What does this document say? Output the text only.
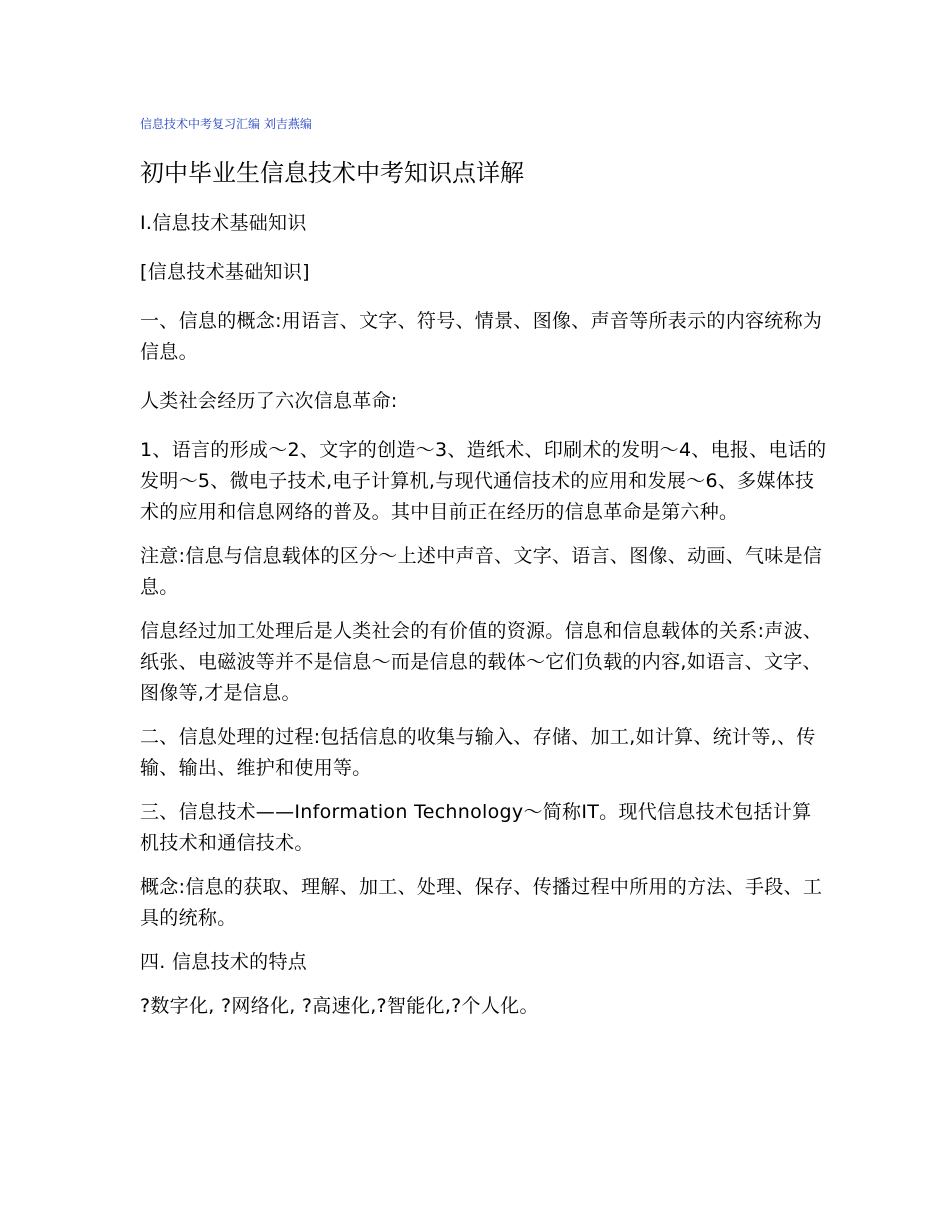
信息技术中考复习汇编 刘吉燕编

初中毕业生信息技术中考知识点详解

I.信息技术基础知识

[信息技术基础知识]

一、信息的概念:用语言、文字、符号、情景、图像、声音等所表示的内容统称为信息。

人类社会经历了六次信息革命:

1、语言的形成～2、文字的创造～3、造纸术、印刷术的发明～4、电报、电话的发明～5、微电子技术,电子计算机,与现代通信技术的应用和发展～6、多媒体技术的应用和信息网络的普及。其中目前正在经历的信息革命是第六种。

注意:信息与信息载体的区分～上述中声音、文字、语言、图像、动画、气味是信息。

信息经过加工处理后是人类社会的有价值的资源。信息和信息载体的关系:声波、纸张、电磁波等并不是信息～而是信息的载体～它们负载的内容,如语言、文字、图像等,才是信息。

二、信息处理的过程:包括信息的收集与输入、存储、加工,如计算、统计等,、传输、输出、维护和使用等。

三、信息技术——Information Technology～简称IT。现代信息技术包括计算机技术和通信技术。

概念:信息的获取、理解、加工、处理、保存、传播过程中所用的方法、手段、工具的统称。

四. 信息技术的特点

?数字化, ?网络化, ?高速化,?智能化,?个人化。
